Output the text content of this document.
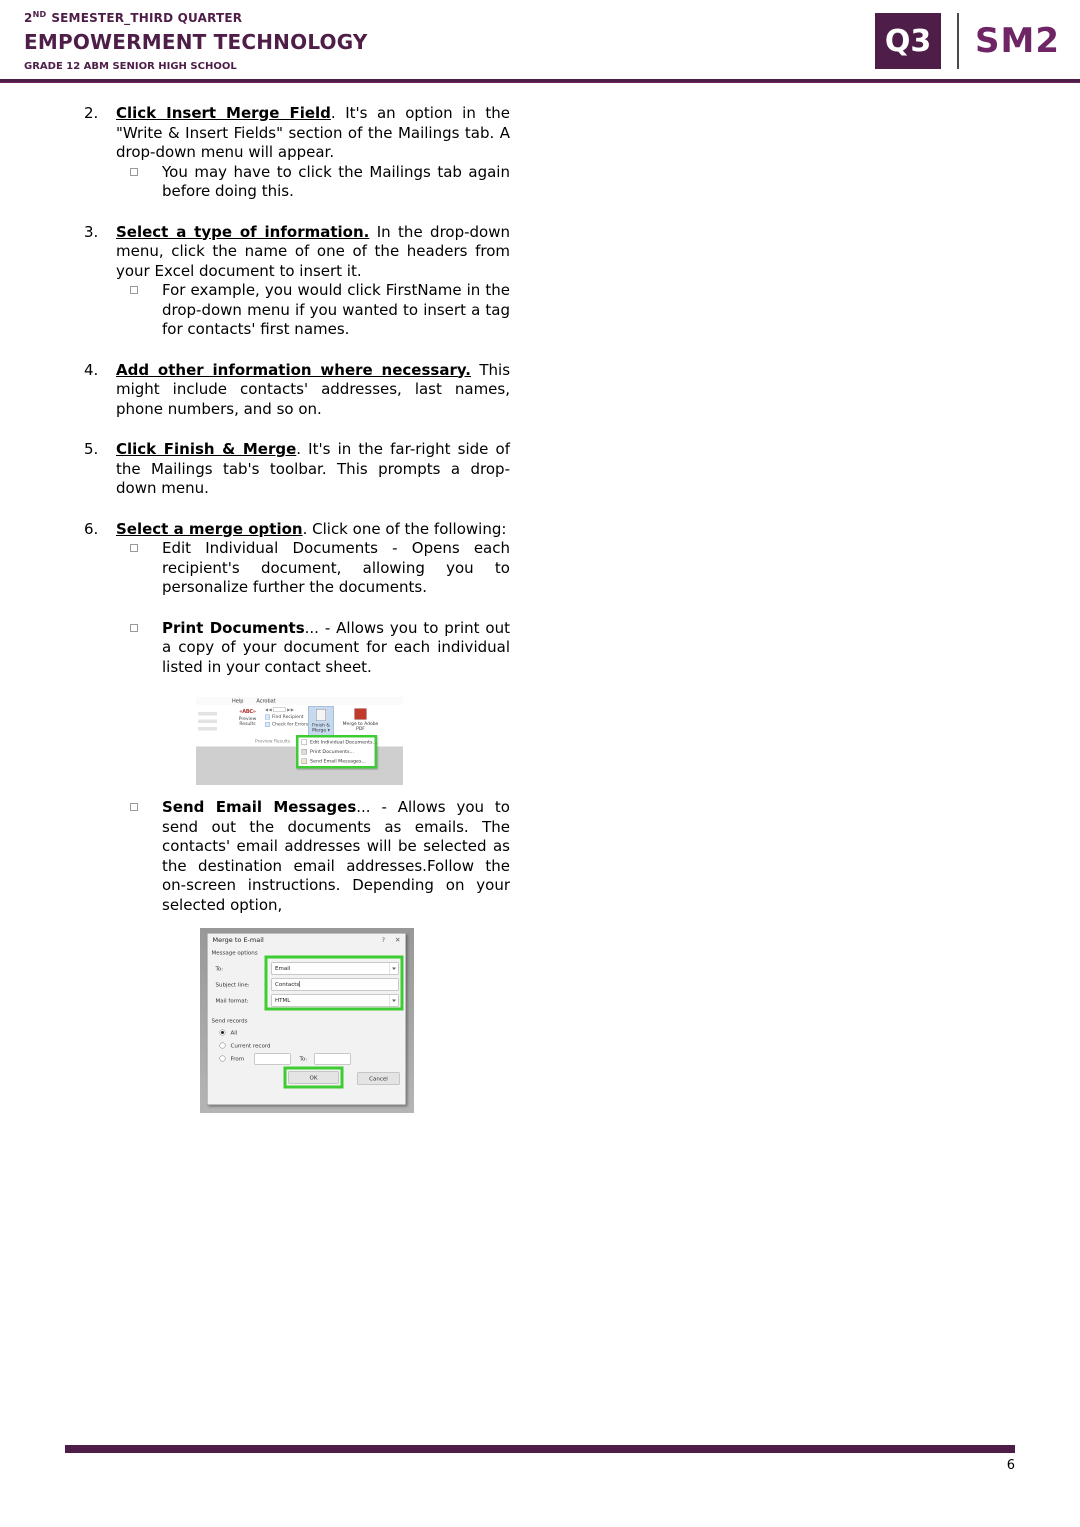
2ND SEMESTER_THIRD QUARTER
EMPOWERMENT TECHNOLOGY
GRADE 12 ABM SENIOR HIGH SCHOOL
Q3 SM2
2.	Click Insert Merge Field. It's an option in the "Write & Insert Fields" section of the Mailings tab. A drop-down menu will appear.

You may have to click the Mailings tab again before doing this.

3.	Select a type of information. In the drop-down menu, click the name of one of the headers from your Excel document to insert it.

For example, you would click FirstName in the drop-down menu if you wanted to insert a tag for contacts' first names.

4.	Add other information where necessary. This might include contacts' addresses, last names, phone numbers, and so on.

5.	Click Finish & Merge. It's in the far-right side of the Mailings tab's toolbar. This prompts a drop-down menu.

6.	Select a merge option. Click one of the following:

Edit Individual Documents - Opens each recipient's document, allowing you to personalize further the documents.

Print Documents... - Allows you to print out a copy of your document for each individual listed in your contact sheet.

Help Acrobat
«ABC»
Preview Results
◀◀ ▶▶
Find Recipient
Check for Errors
Preview Results
Finish & Merge ▾
Merge to Adobe PDF
Edit Individual Documents...
Print Documents...
Send Email Messages...

Send Email Messages... - Allows you to send out the documents as emails. The contacts' email addresses will be selected as the destination email addresses.Follow the on-screen instructions. Depending on your selected option,

Merge to E-mail	? ✕
Message options
To:	Email
Subject line:	Contacts
Mail format:	HTML
Send records
All
Current record
From	To:
OK	Cancel
6
